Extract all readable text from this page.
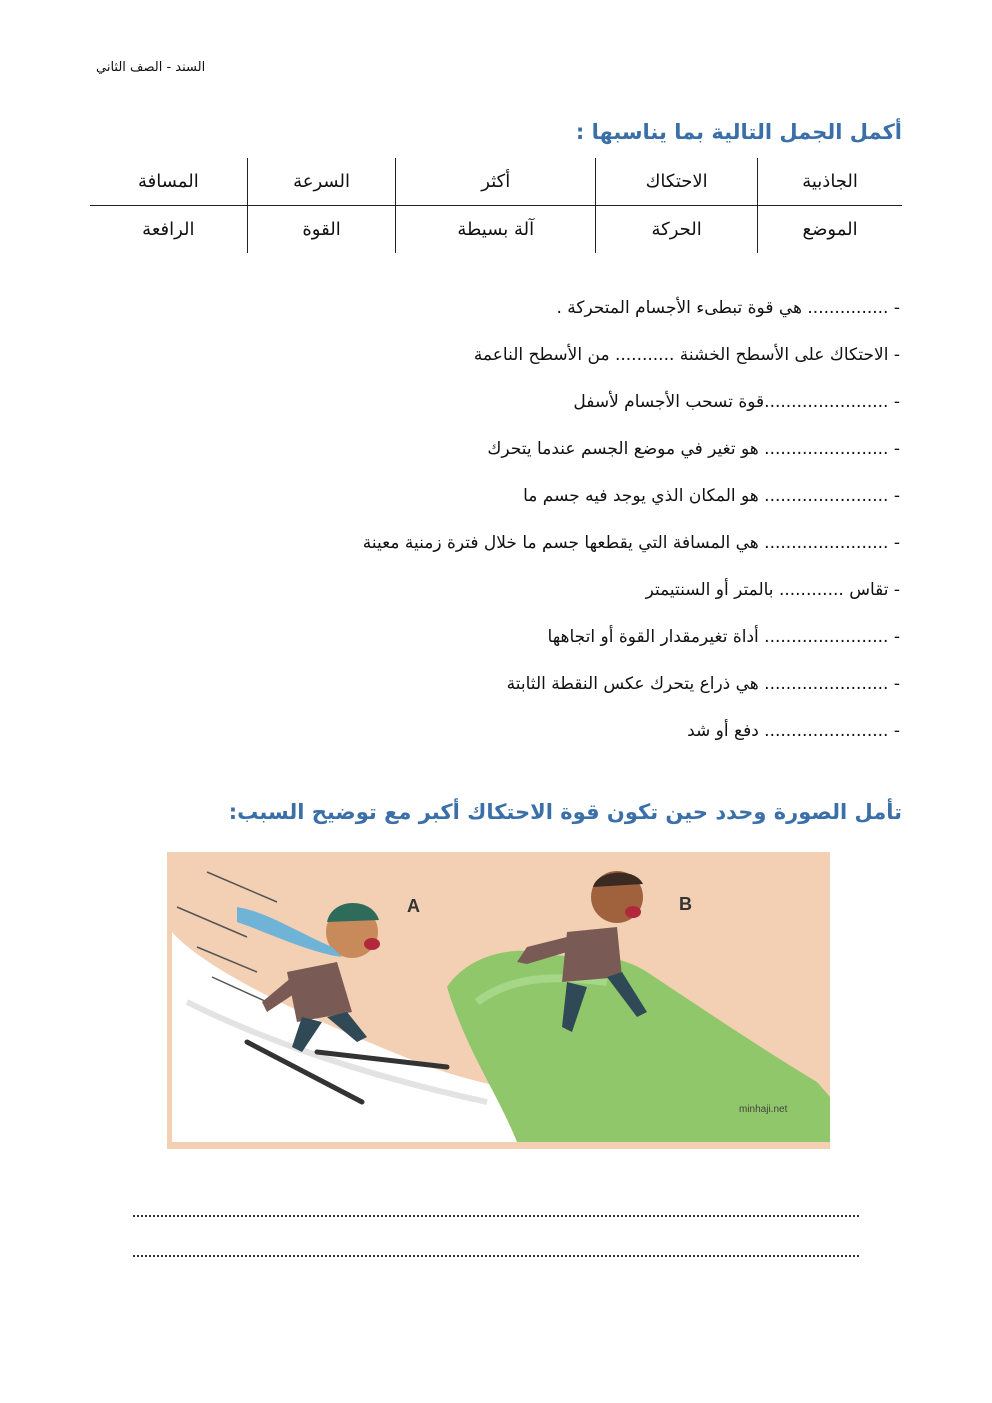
السند - الصف الثاني
أكمل الجمل التالية بما يناسبها :
الجاذبية	الاحتكاك	أكثر	السرعة	المسافة
الموضع	الحركة	آلة بسيطة	القوة	الرافعة
- ............... هي قوة تبطىء الأجسام المتحركة .
- الاحتكاك على الأسطح الخشنة ........... من الأسطح الناعمة
- .......................قوة تسحب الأجسام لأسفل
- ....................... هو تغير في موضع الجسم عندما يتحرك
- ....................... هو المكان الذي يوجد فيه جسم ما
- ....................... هي المسافة التي يقطعها جسم ما خلال فترة زمنية معينة
- تقاس ............ بالمتر أو السنتيمتر
- ....................... أداة تغيرمقدار القوة أو اتجاهها
- ....................... هي ذراع يتحرك عكس النقطة الثابتة
- ....................... دفع أو شد
تأمل الصورة وحدد حين تكون قوة الاحتكاك أكبر مع توضيح السبب:
A	B
minhaji.net
